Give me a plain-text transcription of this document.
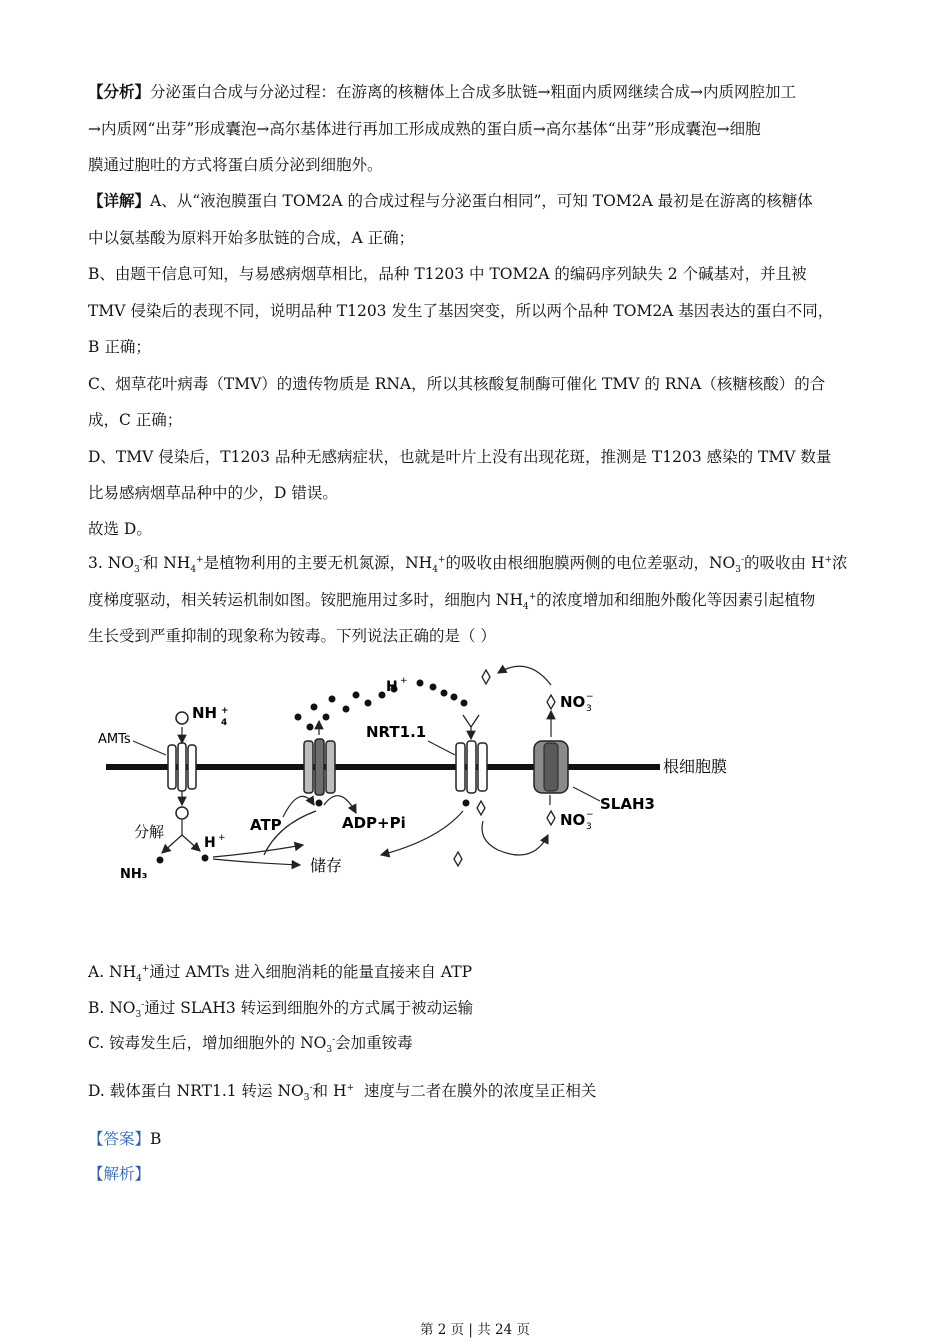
【分析】分泌蛋白合成与分泌过程：在游离的核糖体上合成多肽链→粗面内质网继续合成→内质网腔加工

→内质网“出芽”形成囊泡→高尔基体进行再加工形成成熟的蛋白质→高尔基体“出芽”形成囊泡→细胞

膜通过胞吐的方式将蛋白质分泌到细胞外。

【详解】A、从“液泡膜蛋白 TOM2A 的合成过程与分泌蛋白相同”，可知 TOM2A 最初是在游离的核糖体

中以氨基酸为原料开始多肽链的合成，A 正确；

B、由题干信息可知，与易感病烟草相比，品种 T1203 中 TOM2A 的编码序列缺失 2 个碱基对，并且被

TMV 侵染后的表现不同，说明品种 T1203 发生了基因突变，所以两个品种 TOM2A 基因表达的蛋白不同，

B 正确；

C、烟草花叶病毒（TMV）的遗传物质是 RNA，所以其核酸复制酶可催化 TMV 的 RNA（核糖核酸）的合

成，C 正确；

D、TMV 侵染后，T1203 品种无感病症状，也就是叶片上没有出现花斑，推测是 T1203 感染的 TMV 数量

比易感病烟草品种中的少，D 错误。

故选 D。

3. $NO_3^-$和 $NH_4^+$是植物利用的主要无机氮源，$NH_4^+$的吸收由根细胞膜两侧的电位差驱动，$NO_3^-$的吸收由 H+浓

度梯度驱动，相关转运机制如图。铵肥施用过多时，细胞内 $NH_4^+$的浓度增加和细胞外酸化等因素引起植物

生长受到严重抑制的现象称为铵毒。下列说法正确的是（ ）

根细胞膜
AMTs
NH +
4
分解
NH₃
H +
ATP	ADP+Pi
储存
H +
NRT1.1
NO −
3
NO −
3
SLAH3
A. $NH_4^+$通过 AMTs 进入细胞消耗的能量直接来自 ATP
B. $NO_3^-$通过 SLAH3 转运到细胞外的方式属于被动运输
C. 铵毒发生后，增加细胞外的 $NO_3^-$会加重铵毒
D. 载体蛋白 NRT1.1 转运 $NO_3^-$和 H+  速度与二者在膜外的浓度呈正相关
【答案】B
【解析】
第 2 页 | 共 24 页
